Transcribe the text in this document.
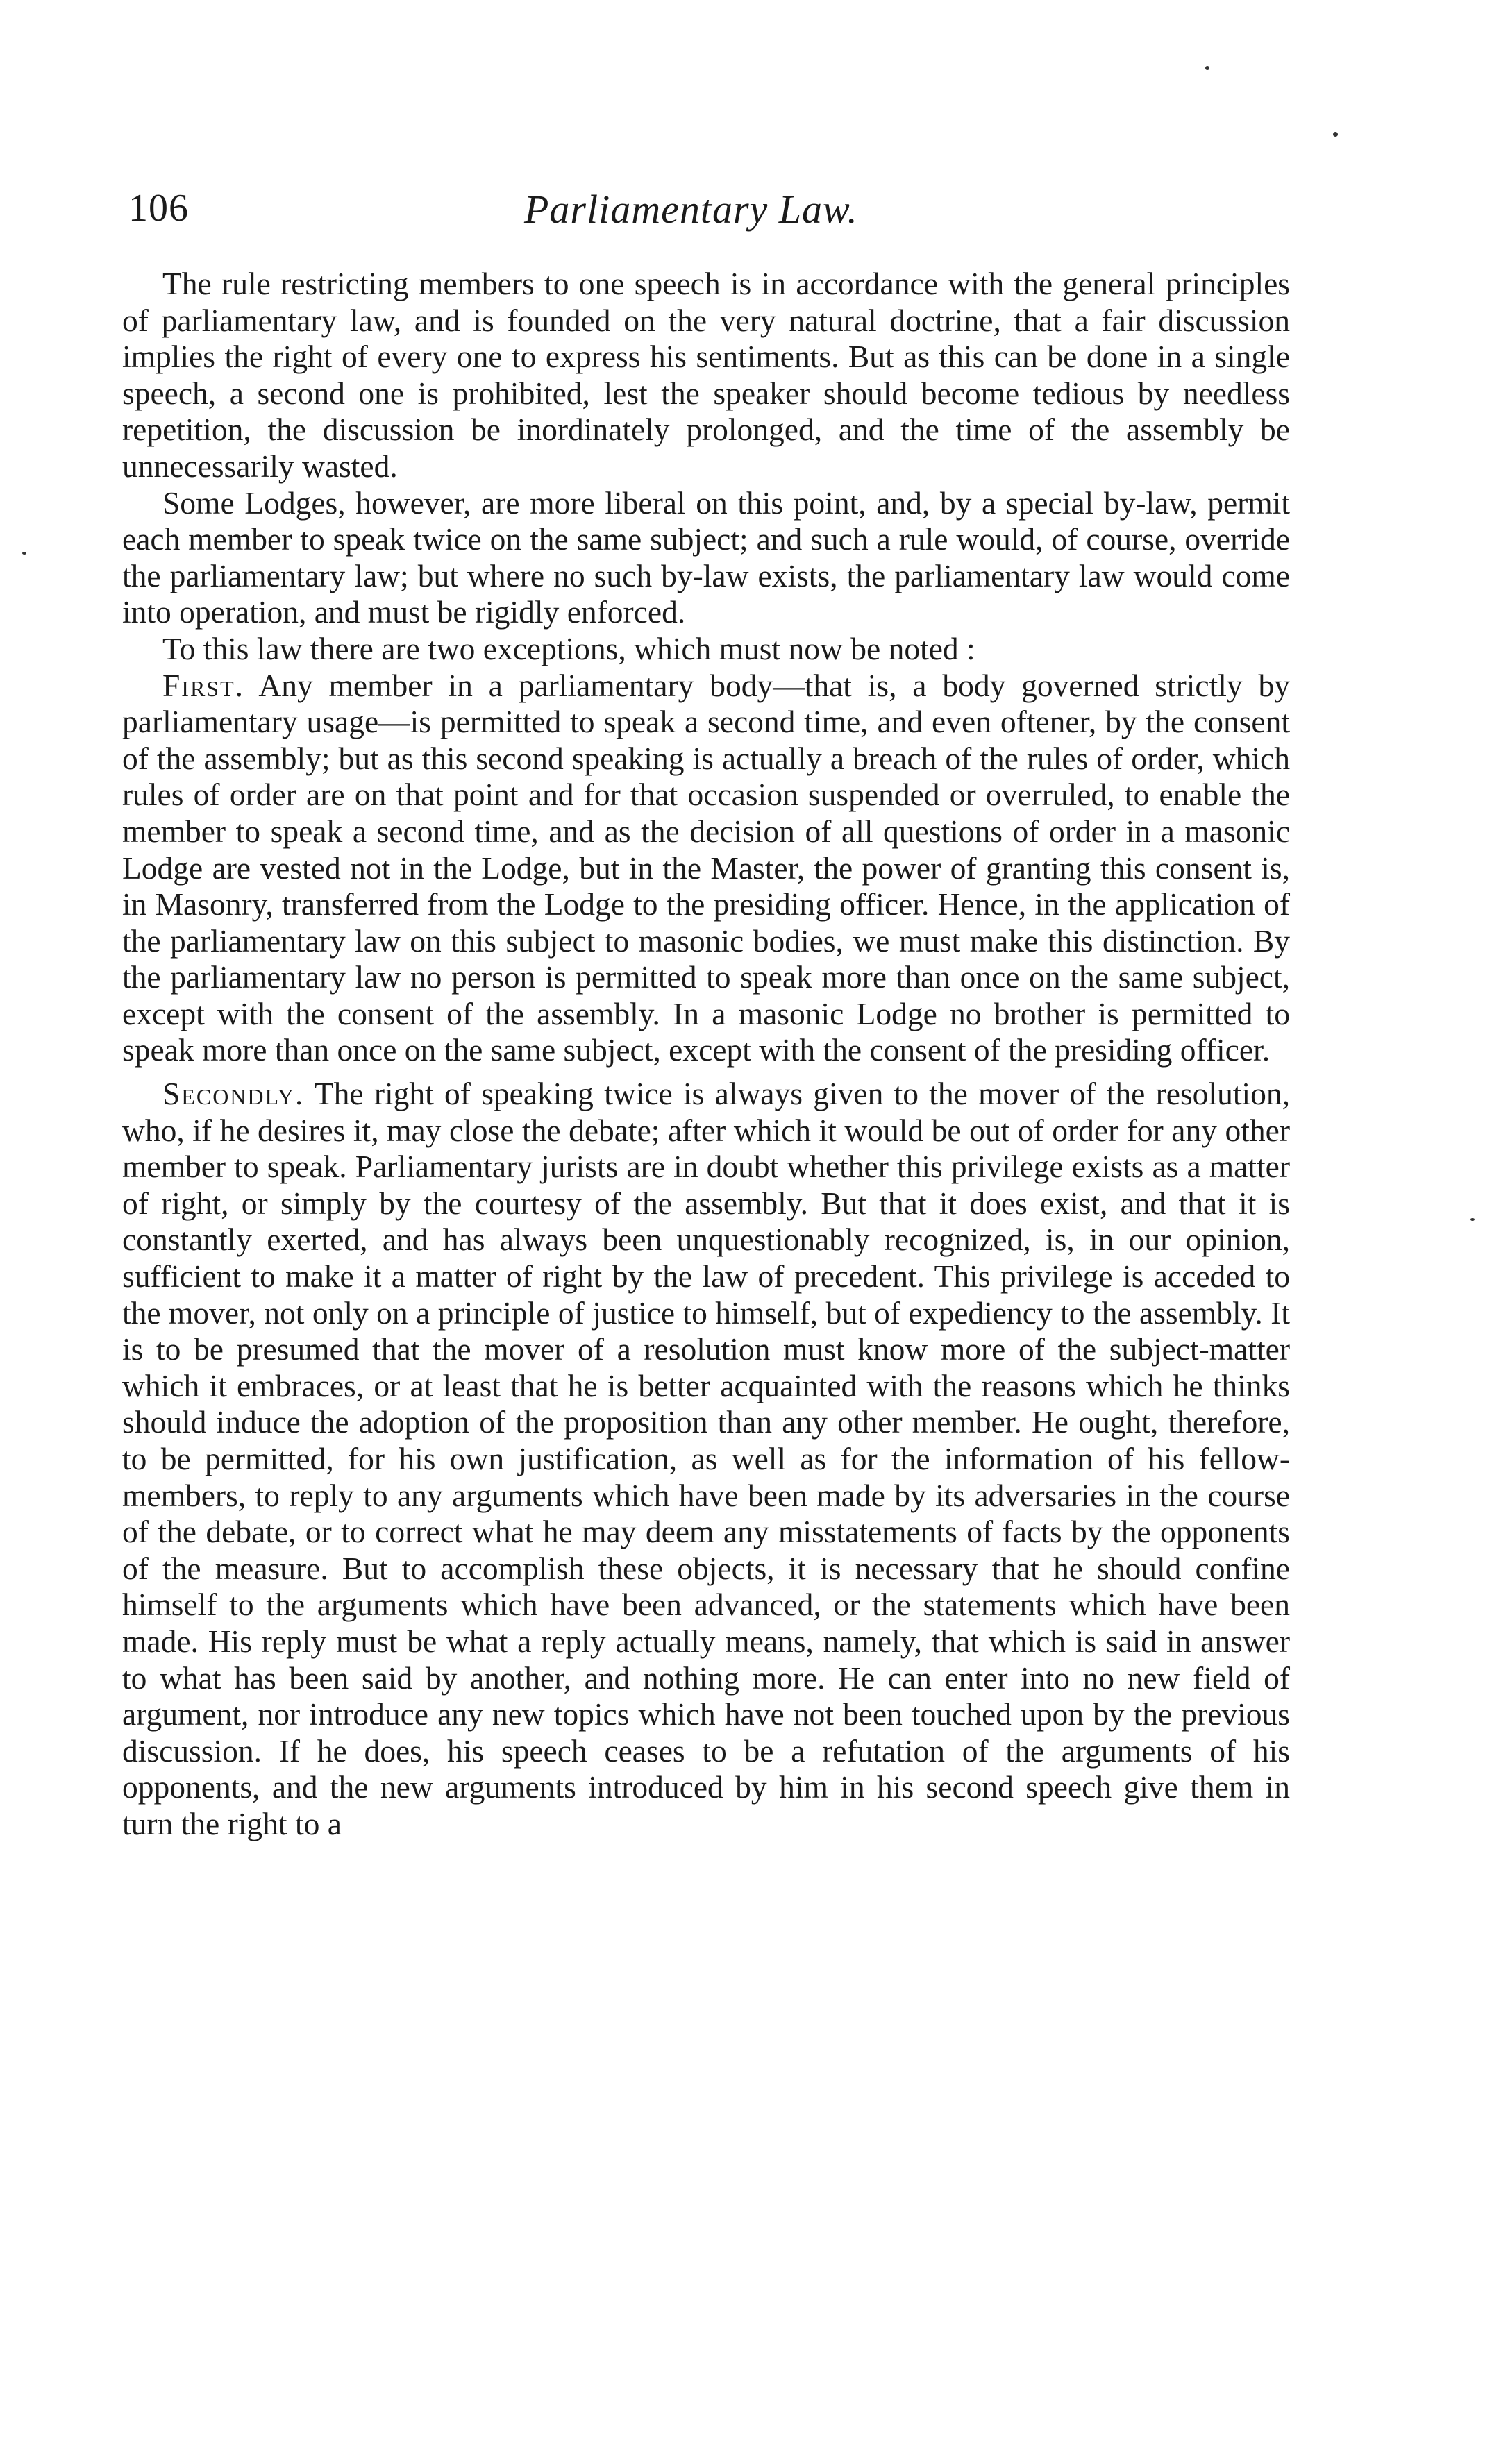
106	Parliamentary Law.

The rule restricting members to one speech is in accordance with the general principles of parliamentary law, and is founded on the very natural doctrine, that a fair discussion implies the right of every one to express his sentiments. But as this can be done in a single speech, a second one is prohibited, lest the speaker should become tedious by needless repetition, the discussion be inordinately prolonged, and the time of the assembly be unnecessarily wasted.

Some Lodges, however, are more liberal on this point, and, by a special by-law, permit each member to speak twice on the same subject; and such a rule would, of course, override the parliamentary law; but where no such by-law exists, the parliamentary law would come into operation, and must be rigidly enforced.

To this law there are two exceptions, which must now be noted :

First. Any member in a parliamentary body—that is, a body governed strictly by parliamentary usage—is permitted to speak a second time, and even oftener, by the consent of the assembly; but as this second speaking is actually a breach of the rules of order, which rules of order are on that point and for that occasion suspended or overruled, to enable the member to speak a second time, and as the decision of all questions of order in a masonic Lodge are vested not in the Lodge, but in the Master, the power of granting this consent is, in Masonry, transferred from the Lodge to the presiding officer. Hence, in the application of the parliamentary law on this subject to masonic bodies, we must make this distinction. By the parliamentary law no person is permitted to speak more than once on the same subject, except with the consent of the assembly. In a masonic Lodge no brother is permitted to speak more than once on the same subject, except with the consent of the presiding officer.

Secondly. The right of speaking twice is always given to the mover of the resolution, who, if he desires it, may close the debate; after which it would be out of order for any other member to speak. Parliamentary jurists are in doubt whether this privilege exists as a matter of right, or simply by the courtesy of the assembly. But that it does exist, and that it is constantly exerted, and has always been unquestionably recognized, is, in our opinion, sufficient to make it a matter of right by the law of precedent. This privilege is acceded to the mover, not only on a principle of justice to himself, but of expediency to the assembly. It is to be presumed that the mover of a resolution must know more of the subject-matter which it embraces, or at least that he is better acquainted with the reasons which he thinks should induce the adoption of the proposition than any other member. He ought, therefore, to be permitted, for his own justification, as well as for the information of his fellow-members, to reply to any arguments which have been made by its adversaries in the course of the debate, or to correct what he may deem any misstatements of facts by the opponents of the measure. But to accomplish these objects, it is necessary that he should confine himself to the arguments which have been advanced, or the statements which have been made. His reply must be what a reply actually means, namely, that which is said in answer to what has been said by another, and nothing more. He can enter into no new field of argument, nor introduce any new topics which have not been touched upon by the previous discussion. If he does, his speech ceases to be a refutation of the arguments of his opponents, and the new arguments introduced by him in his second speech give them in turn the right to a
